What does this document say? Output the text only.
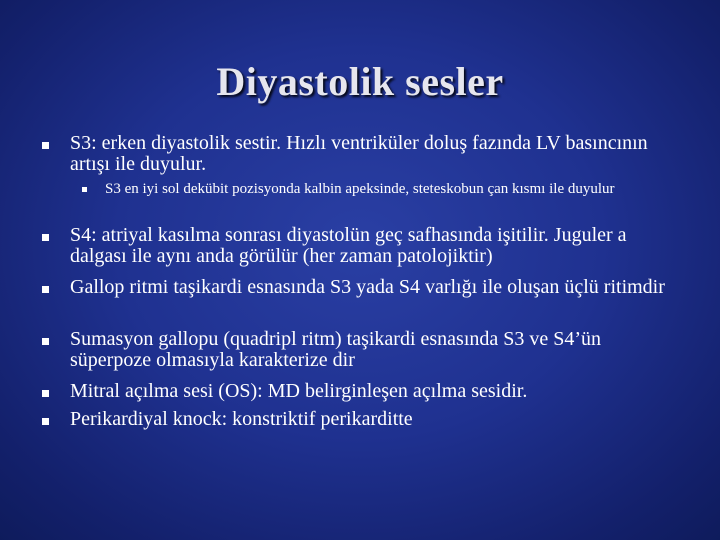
Diyastolik sesler
S3: erken diyastolik sestir. Hızlı ventriküler doluş fazında LV basıncının artışı ile duyulur.
S3 en iyi sol dekübit pozisyonda kalbin apeksinde, steteskobun çan kısmı ile duyulur
S4: atriyal kasılma sonrası diyastolün geç safhasında işitilir. Juguler a dalgası ile aynı anda görülür (her zaman patolojiktir)
Gallop ritmi taşikardi esnasında S3 yada S4 varlığı ile oluşan üçlü ritimdir
Sumasyon gallopu (quadripl ritm) taşikardi esnasında S3 ve S4’ün süperpoze olmasıyla karakterize dir
Mitral açılma sesi (OS): MD belirginleşen açılma sesidir.
Perikardiyal knock: konstriktif perikarditte
